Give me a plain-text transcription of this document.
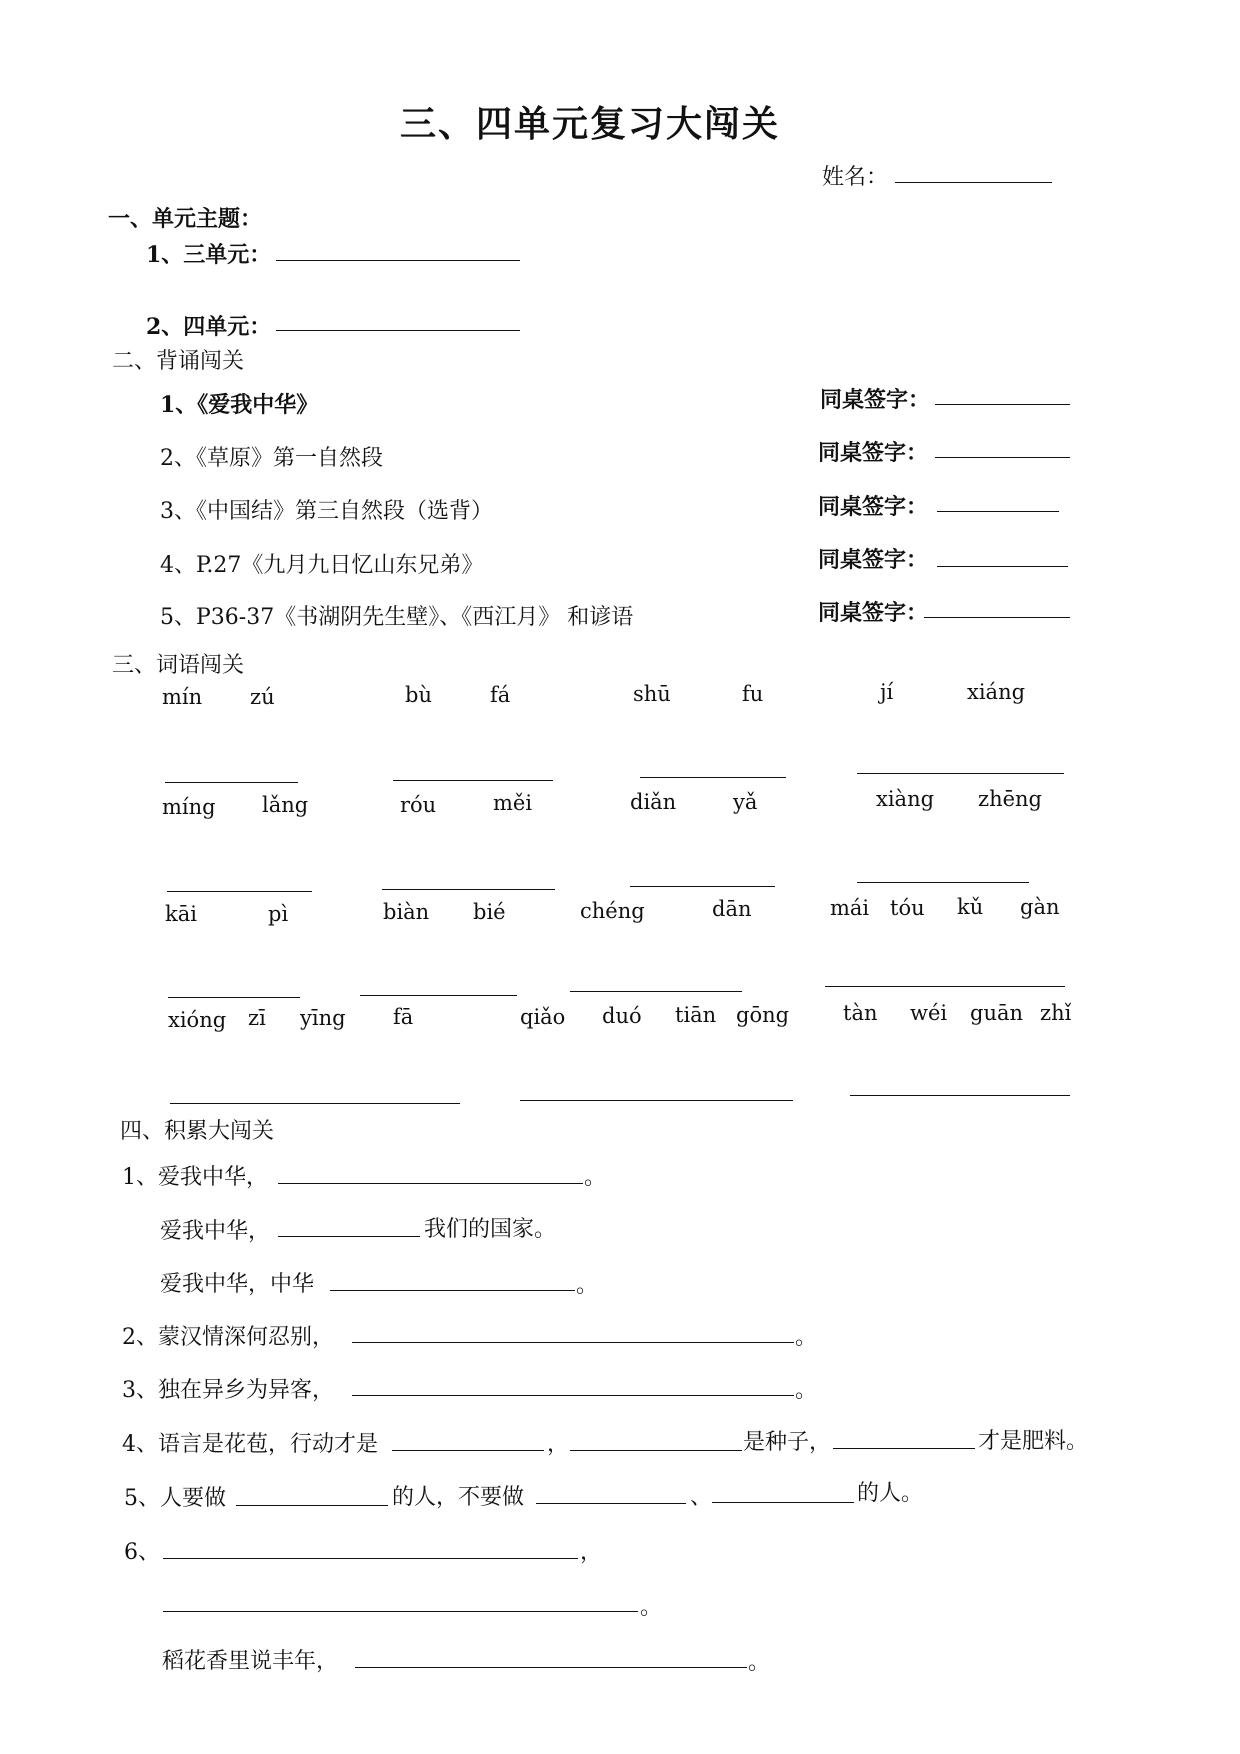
三、四单元复习大闯关
姓名：
一、单元主题：
1、三单元：
2、四单元：
二、背诵闯关
1、《爱我中华》	同桌签字：
2、《草原》第一自然段	同桌签字：
3、《中国结》第三自然段（选背）	同桌签字：
4、P.27《九月九日忆山东兄弟》	同桌签字：
5、P36-37《书湖阴先生壁》、《西江月》 和谚语	同桌签字：
三、词语闯关
mín zú	bù	fá	shū	fu	jí	xiáng
míng lǎng	róu	měi	diǎn	yǎ	xiàng zhēng
kāi	pì	biàn bié	chéng	dān	mái tóu kǔ gàn
xióng zī yīng fā	qiǎo duó tiān gōng	tàn wéi guān zhǐ
四、积累大闯关
1、爱我中华，	。
爱我中华，	我们的国家。
爱我中华，中华	。
2、蒙汉情深何忍别，	。
3、独在异乡为异客，	。
4、语言是花苞，行动才是	，	是种子，	才是肥料。
5、人要做	的人，不要做	、	的人。
6、	，
。
稻花香里说丰年，	。
